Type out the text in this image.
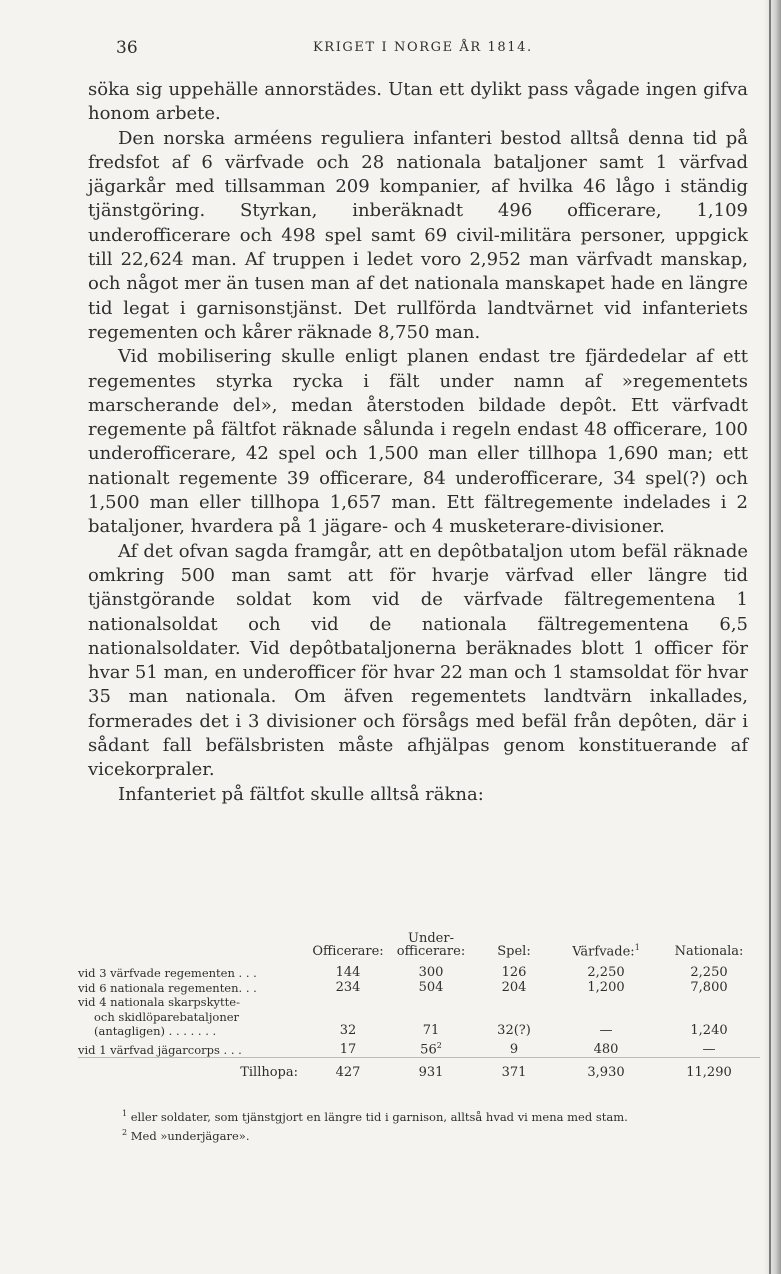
36	KRIGET I NORGE ÅR 1814.

söka sig uppehälle annorstädes. Utan ett dylikt pass vågade ingen gifva honom arbete.

Den norska arméens reguliera infanteri bestod alltså denna tid på fredsfot af 6 värfvade och 28 nationala bataljoner samt 1 värfvad jägarkår med tillsamman 209 kompanier, af hvilka 46 lågo i ständig tjänstgöring. Styrkan, inberäknadt 496 officerare, 1,109 underofficerare och 498 spel samt 69 civil-militära personer, uppgick till 22,624 man. Af truppen i ledet voro 2,952 man värfvadt manskap, och något mer än tusen man af det nationala manskapet hade en längre tid legat i garnisonstjänst. Det rullförda landtvärnet vid infanteriets regementen och kårer räknade 8,750 man.

Vid mobilisering skulle enligt planen endast tre fjärdedelar af ett regementes styrka rycka i fält under namn af »regementets marscherande del», medan återstoden bildade depôt. Ett värfvadt regemente på fältfot räknade sålunda i regeln endast 48 officerare, 100 underofficerare, 42 spel och 1,500 man eller tillhopa 1,690 man; ett nationalt regemente 39 officerare, 84 underofficerare, 34 spel(?) och 1,500 man eller tillhopa 1,657 man. Ett fältregemente indelades i 2 bataljoner, hvardera på 1 jägare- och 4 musketerare-divisioner.

Af det ofvan sagda framgår, att en depôtbataljon utom befäl räknade omkring 500 man samt att för hvarje värfvad eller längre tid tjänstgörande soldat kom vid de värfvade fältregementena 1 nationalsoldat och vid de nationala fältregementena 6,5 nationalsoldater. Vid depôtbataljonerna beräknades blott 1 officer för hvar 51 man, en underofficer för hvar 22 man och 1 stamsoldat för hvar 35 man nationala. Om äfven regementets landtvärn inkallades, formerades det i 3 divisioner och försågs med befäl från depôten, där i sådant fall befälsbristen måste afhjälpas genom konstituerande af vicekorpraler.

Infanteriet på fältfot skulle alltså räkna:

	Officerare:	Under-officerare:	Spel:	Värfvade:$^1$	Nationala:
vid 3 värfvade regementen . . .	144	300	126	2,250	2,250
vid 6 nationala regementen. . .	234	504	204	1,200	7,800
vid 4 nationala skarpskytte-					
och skidlöparebataljoner					
(antagligen) . . . . . . .	32	71	32(?)	—	1,240
vid 1 värfvad jägarcorps . . .	17	$56^2$	9	480	—
Tillhopa:	427	931	371	3,930	11,290

$^1$ eller soldater, som tjänstgjort en längre tid i garnison, alltså hvad vi mena med stam.

$^2$ Med »underjägare».
